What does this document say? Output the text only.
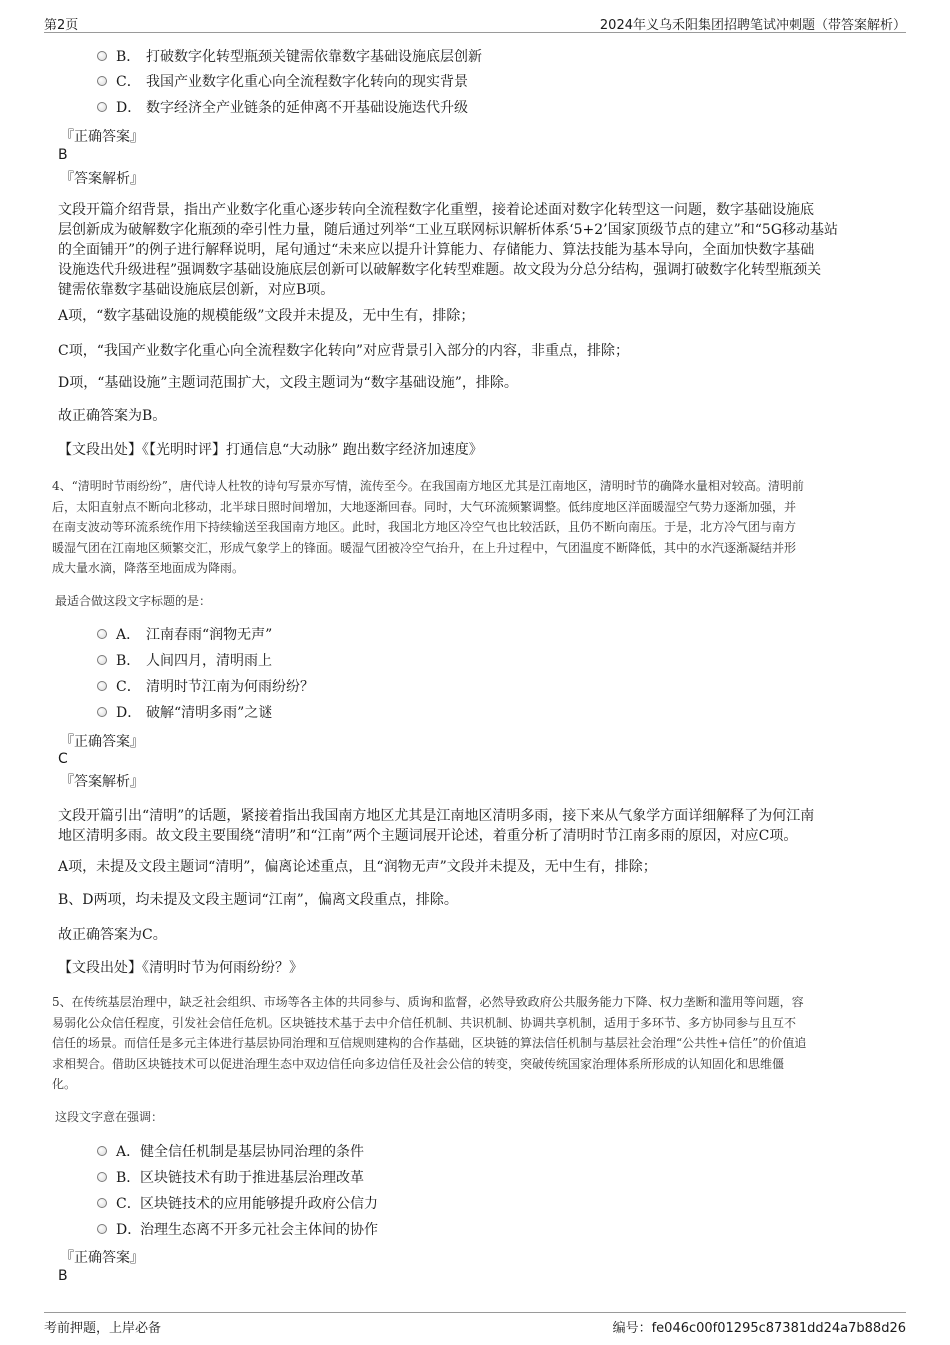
第2页	2024年义乌禾阳集团招聘笔试冲刺题（带答案解析）
B． 打破数字化转型瓶颈关键需依靠数字基础设施底层创新
C． 我国产业数字化重心向全流程数字化转向的现实背景
D． 数字经济全产业链条的延伸离不开基础设施迭代升级
『正确答案』
B
『答案解析』
文段开篇介绍背景，指出产业数字化重心逐步转向全流程数字化重塑，接着论述面对数字化转型这一问题，数字基础设施底
层创新成为破解数字化瓶颈的牵引性力量，随后通过列举“工业互联网标识解析体系‘5+2’国家顶级节点的建立”和“5G移动基站
的全面铺开”的例子进行解释说明，尾句通过“未来应以提升计算能力、存储能力、算法技能为基本导向，全面加快数字基础
设施迭代升级进程”强调数字基础设施底层创新可以破解数字化转型难题。故文段为分总分结构，强调打破数字化转型瓶颈关
键需依靠数字基础设施底层创新，对应B项。
A项，“数字基础设施的规模能级”文段并未提及，无中生有，排除；
C项，“我国产业数字化重心向全流程数字化转向”对应背景引入部分的内容，非重点，排除；
D项，“基础设施”主题词范围扩大，文段主题词为“数字基础设施”，排除。
故正确答案为B。
【文段出处】《【光明时评】打通信息“大动脉” 跑出数字经济加速度》
4、“清明时节雨纷纷”，唐代诗人杜牧的诗句写景亦写情，流传至今。在我国南方地区尤其是江南地区，清明时节的确降水量相对较高。清明前
后，太阳直射点不断向北移动，北半球日照时间增加，大地逐渐回春。同时，大气环流频繁调整。低纬度地区洋面暖湿空气势力逐渐加强，并
在南支波动等环流系统作用下持续输送至我国南方地区。此时，我国北方地区冷空气也比较活跃，且仍不断向南压。于是，北方冷气团与南方
暖湿气团在江南地区频繁交汇，形成气象学上的锋面。暖湿气团被冷空气抬升，在上升过程中，气团温度不断降低，其中的水汽逐渐凝结并形
成大量水滴，降落至地面成为降雨。
最适合做这段文字标题的是：
A． 江南春雨“润物无声”
B． 人间四月，清明雨上
C． 清明时节江南为何雨纷纷？
D． 破解“清明多雨”之谜
『正确答案』
C
『答案解析』
文段开篇引出“清明”的话题，紧接着指出我国南方地区尤其是江南地区清明多雨，接下来从气象学方面详细解释了为何江南
地区清明多雨。故文段主要围绕“清明”和“江南”两个主题词展开论述，着重分析了清明时节江南多雨的原因，对应C项。
A项，未提及文段主题词“清明”，偏离论述重点，且“润物无声”文段并未提及，无中生有，排除；
B、D两项，均未提及文段主题词“江南”，偏离文段重点，排除。
故正确答案为C。
【文段出处】《清明时节为何雨纷纷？》
5、在传统基层治理中，缺乏社会组织、市场等各主体的共同参与、质询和监督，必然导致政府公共服务能力下降、权力垄断和滥用等问题，容
易弱化公众信任程度，引发社会信任危机。区块链技术基于去中介信任机制、共识机制、协调共享机制，适用于多环节、多方协同参与且互不
信任的场景。而信任是多元主体进行基层协同治理和互信规则建构的合作基础，区块链的算法信任机制与基层社会治理“公共性+信任”的价值追
求相契合。借助区块链技术可以促进治理生态中双边信任向多边信任及社会公信的转变，突破传统国家治理体系所形成的认知固化和思维僵
化。
这段文字意在强调：
A．健全信任机制是基层协同治理的条件
B．区块链技术有助于推进基层治理改革
C．区块链技术的应用能够提升政府公信力
D．治理生态离不开多元社会主体间的协作
『正确答案』
B
考前押题，上岸必备	编号：fe046c00f01295c87381dd24a7b88d26
